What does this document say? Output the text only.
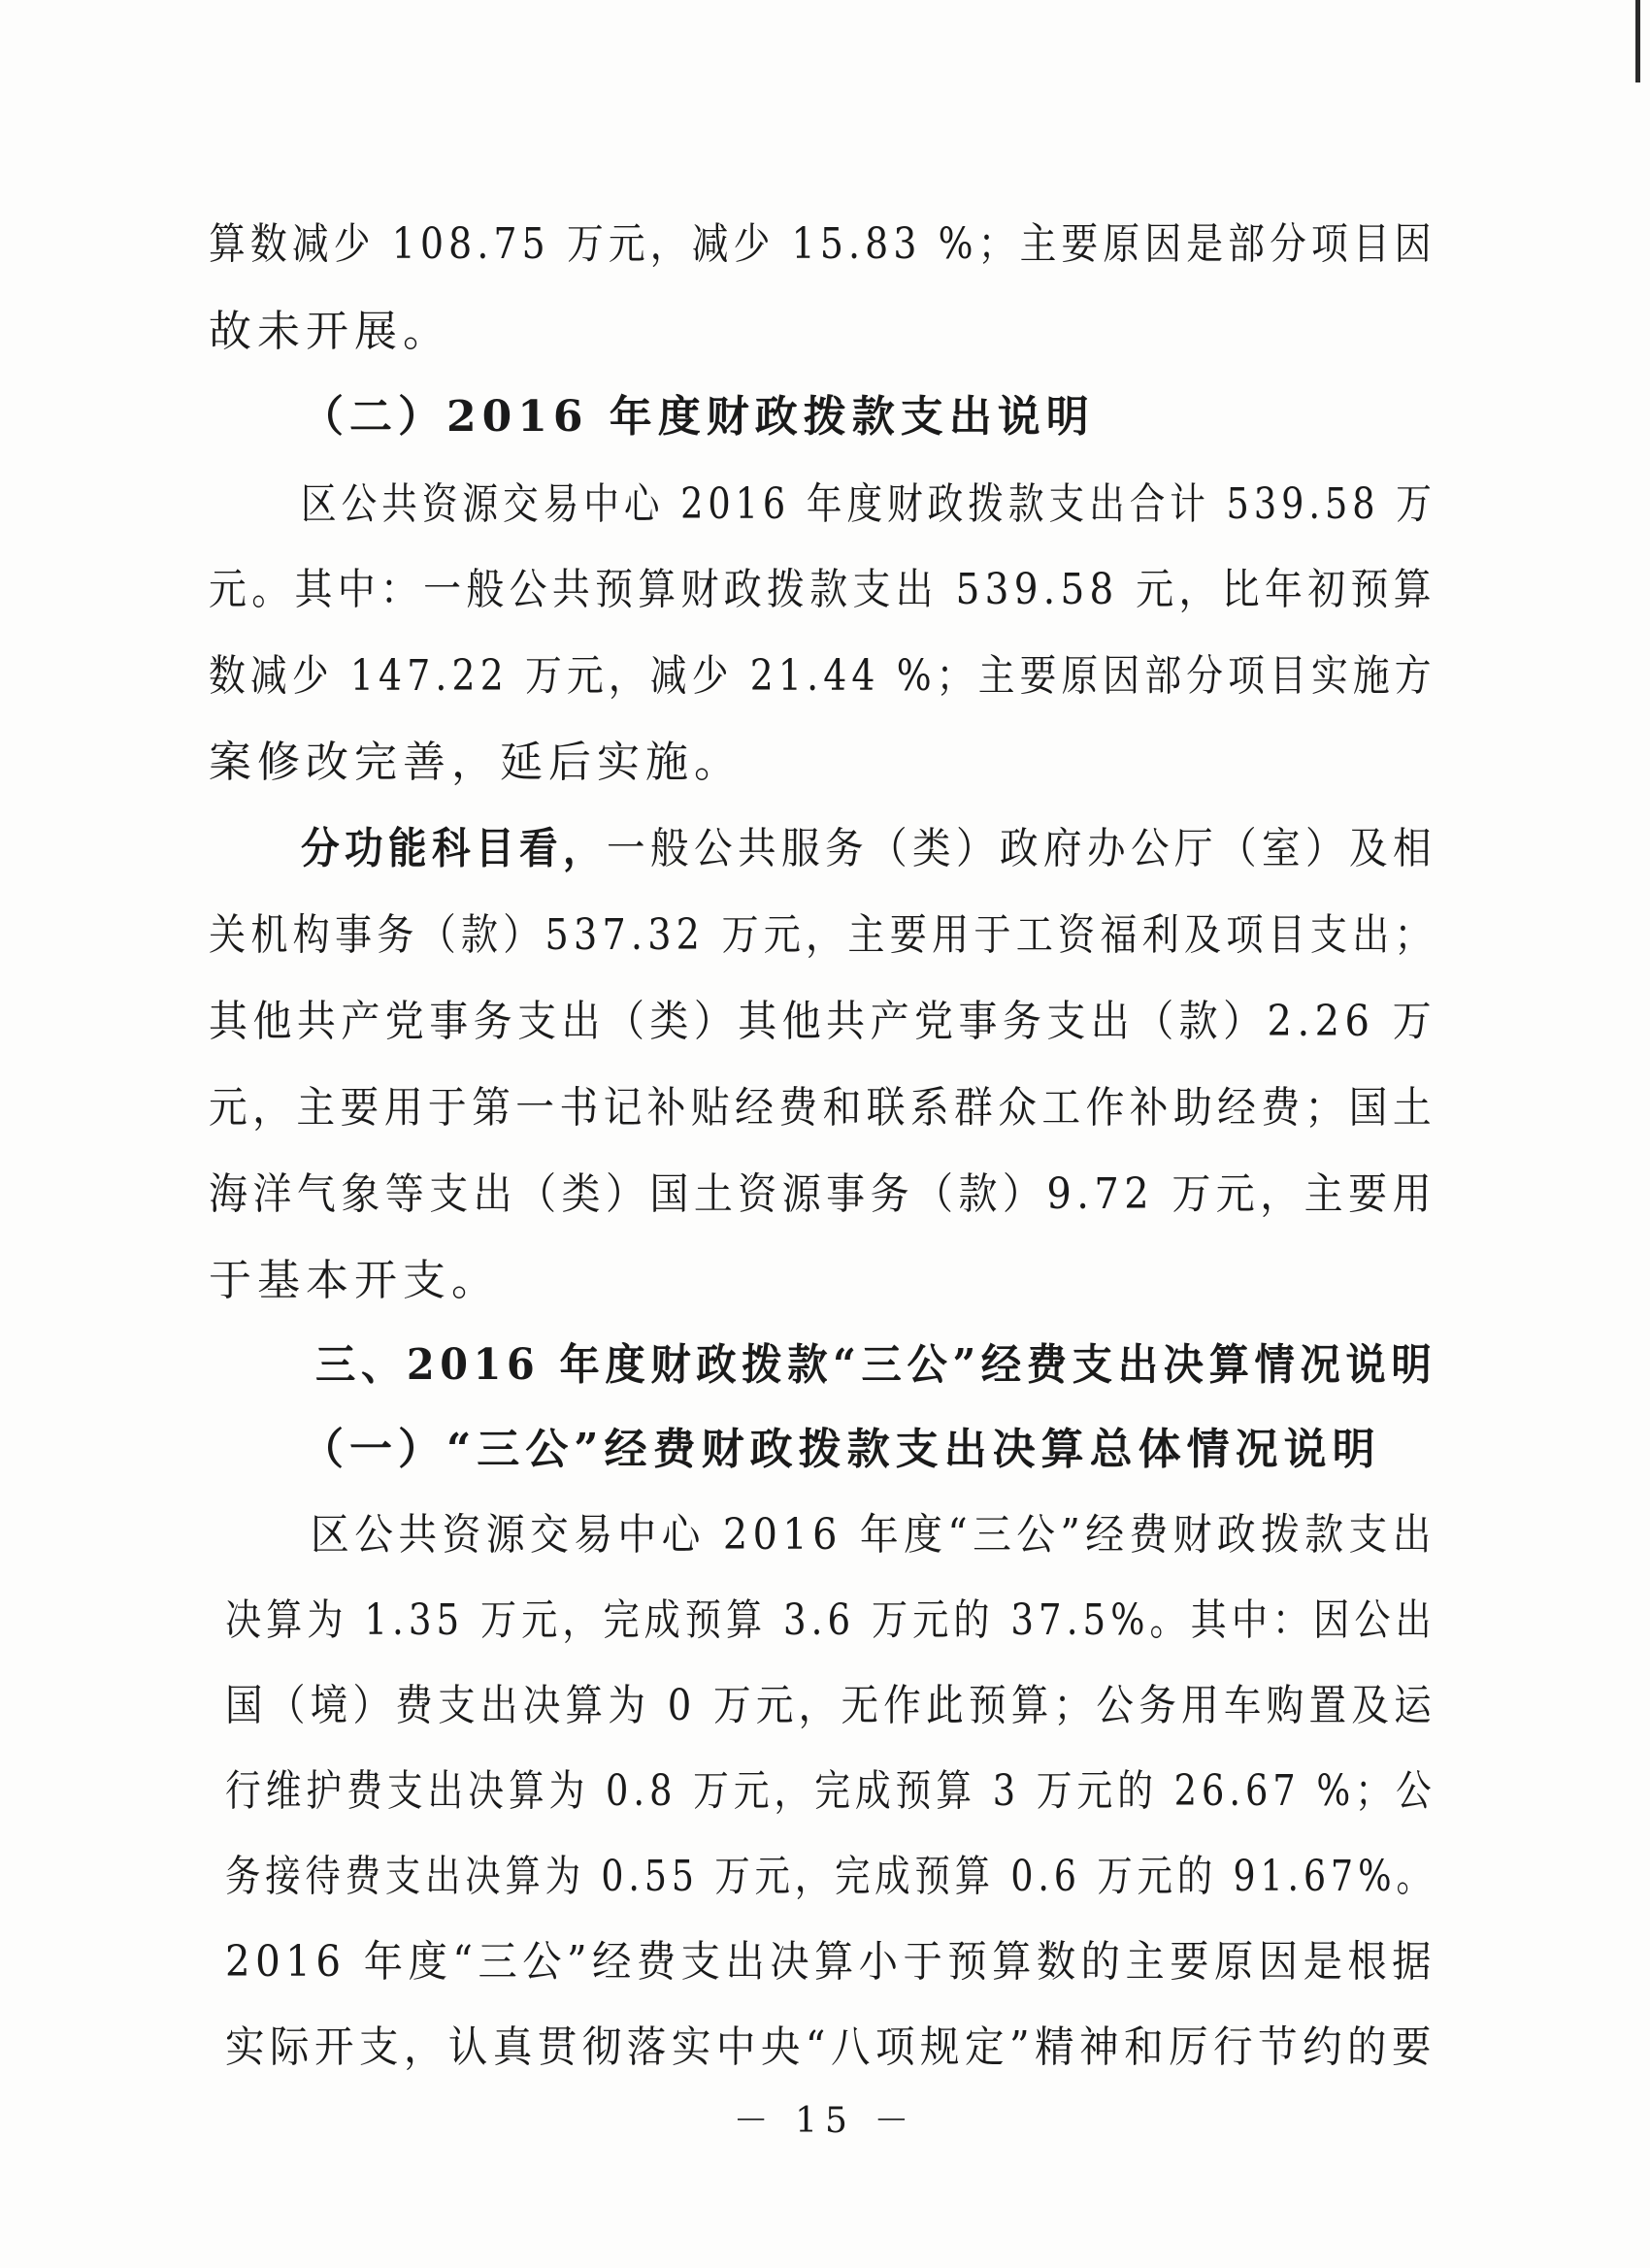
算数减少 108.75 万元，减少 15.83 %；主要原因是部分项目因
故未开展。
（二）2016 年度财政拨款支出说明
区公共资源交易中心 2016 年度财政拨款支出合计 539.58 万
元。其中：一般公共预算财政拨款支出 539.58 元，比年初预算
数减少 147.22 万元，减少 21.44 %；主要原因部分项目实施方
案修改完善，延后实施。
分功能科目看，一般公共服务（类）政府办公厅（室）及相
关机构事务（款）537.32 万元，主要用于工资福利及项目支出；
其他共产党事务支出（类）其他共产党事务支出（款）2.26 万
元，主要用于第一书记补贴经费和联系群众工作补助经费；国土
海洋气象等支出（类）国土资源事务（款）9.72 万元，主要用
于基本开支。
三、2016 年度财政拨款“三公”经费支出决算情况说明
（一）“三公”经费财政拨款支出决算总体情况说明
区公共资源交易中心 2016 年度“三公”经费财政拨款支出
决算为 1.35 万元，完成预算 3.6 万元的 37.5%。其中：因公出
国（境）费支出决算为 0 万元，无作此预算；公务用车购置及运
行维护费支出决算为 0.8 万元，完成预算 3 万元的 26.67 %；公
务接待费支出决算为 0.55 万元，完成预算 0.6 万元的 91.67%。
2016 年度“三公”经费支出决算小于预算数的主要原因是根据
实际开支，认真贯彻落实中央“八项规定”精神和厉行节约的要
－ 15 －
